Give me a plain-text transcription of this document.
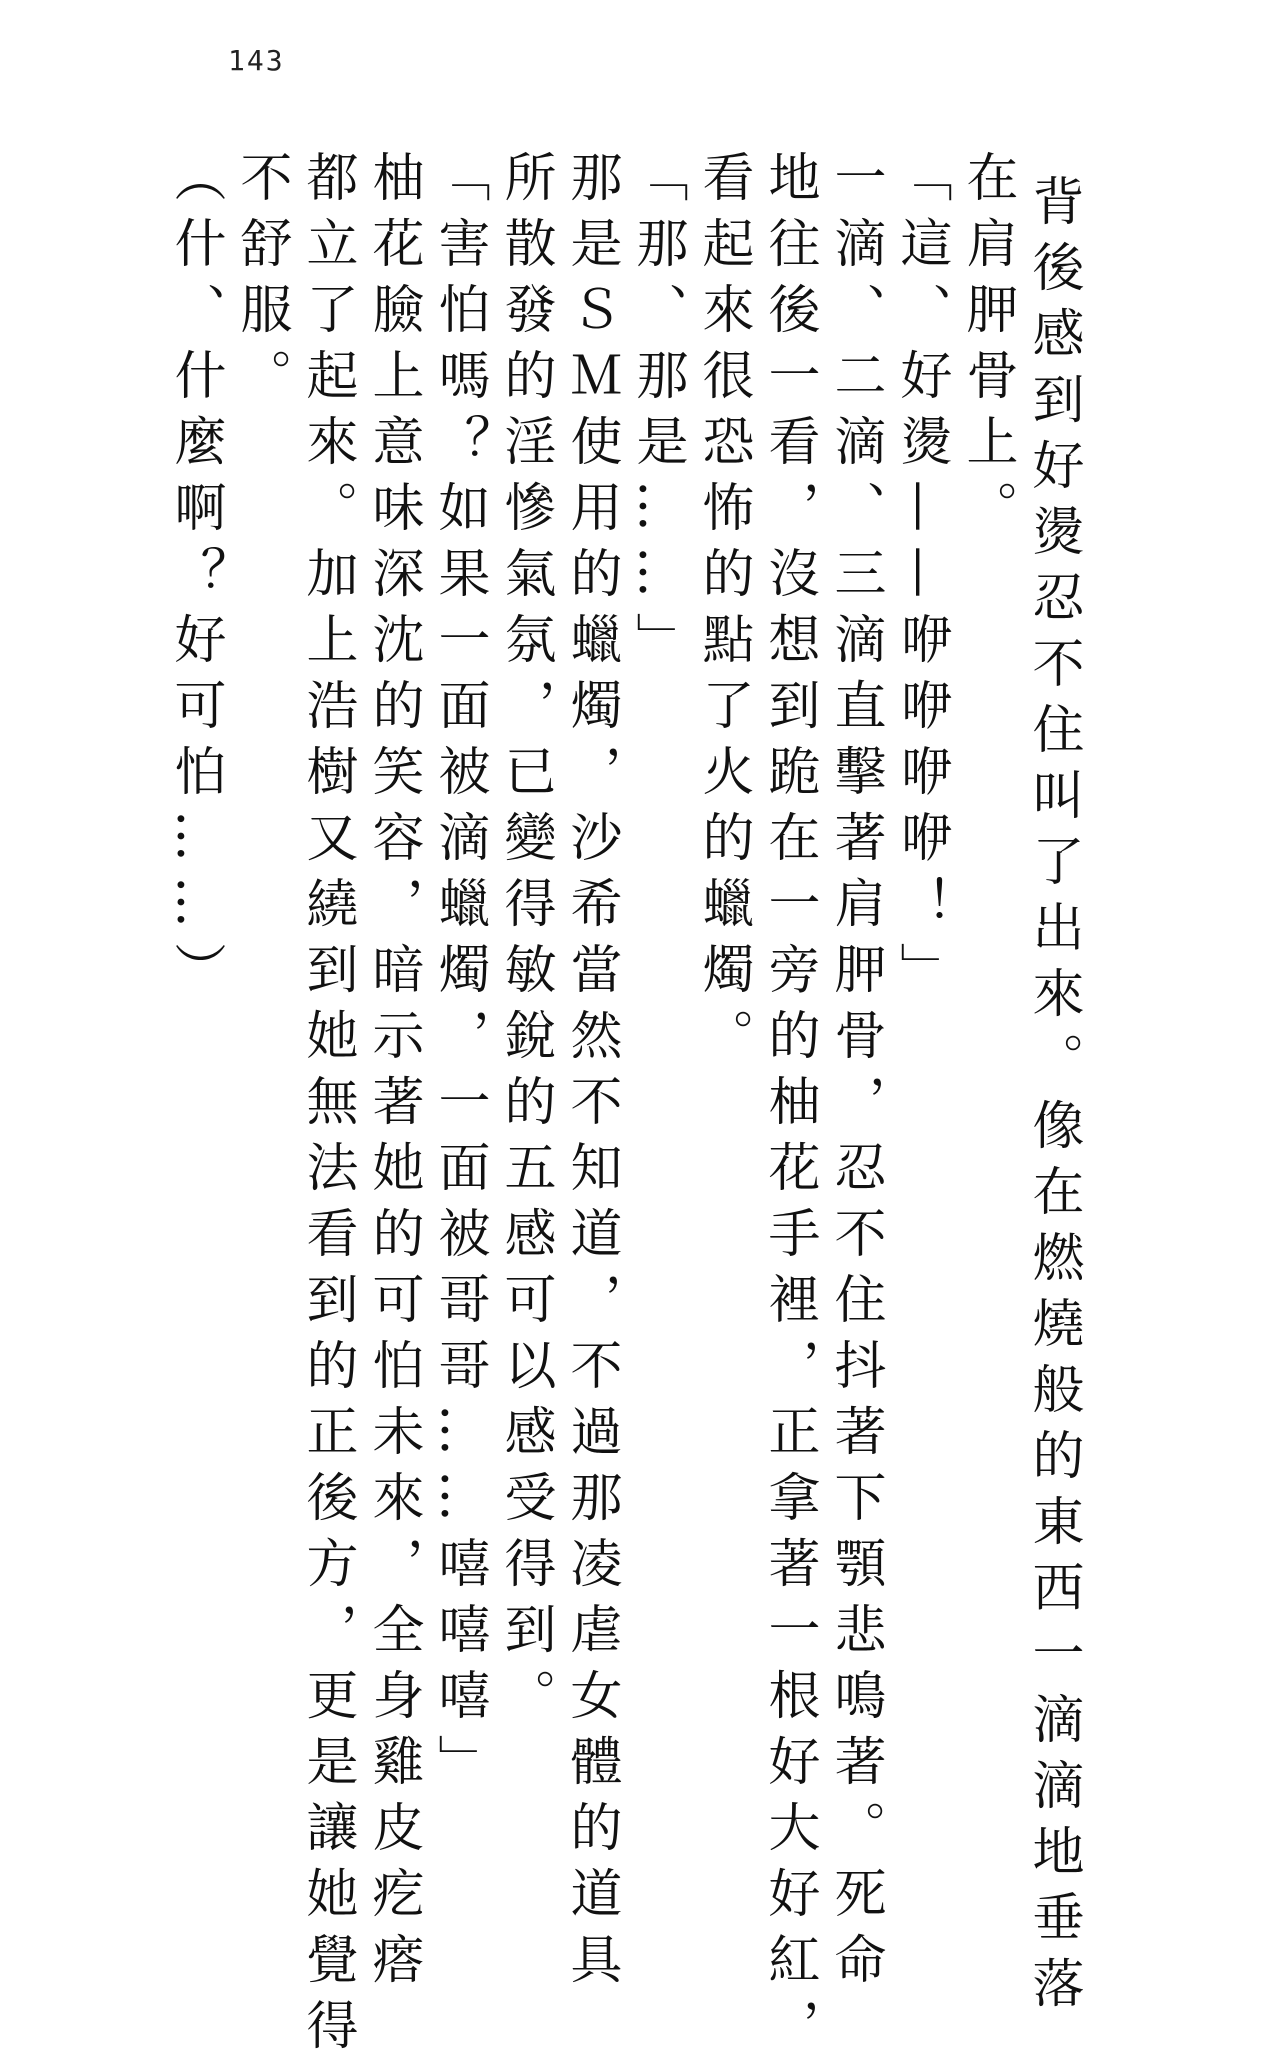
143
背後感到好燙忍不住叫了出來。像在燃燒般的東西一滴滴地垂落
在肩胛骨上。
「這、好燙——咿咿咿咿！」
一滴、二滴、三滴直擊著肩胛骨，忍不住抖著下顎悲鳴著。死命
地往後一看，沒想到跪在一旁的柚花手裡，正拿著一根好大好紅，
看起來很恐怖的點了火的蠟燭。
「那、那是……」
那是ＳＭ使用的蠟燭，沙希當然不知道，不過那凌虐女體的道具
所散發的淫慘氣氛，已變得敏銳的五感可以感受得到。
「害怕嗎？如果一面被滴蠟燭，一面被哥哥……嘻嘻嘻」
柚花臉上意味深沈的笑容，暗示著她的可怕未來，全身雞皮疙瘩
都立了起來。加上浩樹又繞到她無法看到的正後方，更是讓她覺得
不舒服。
（什、什麼啊？好可怕……）
